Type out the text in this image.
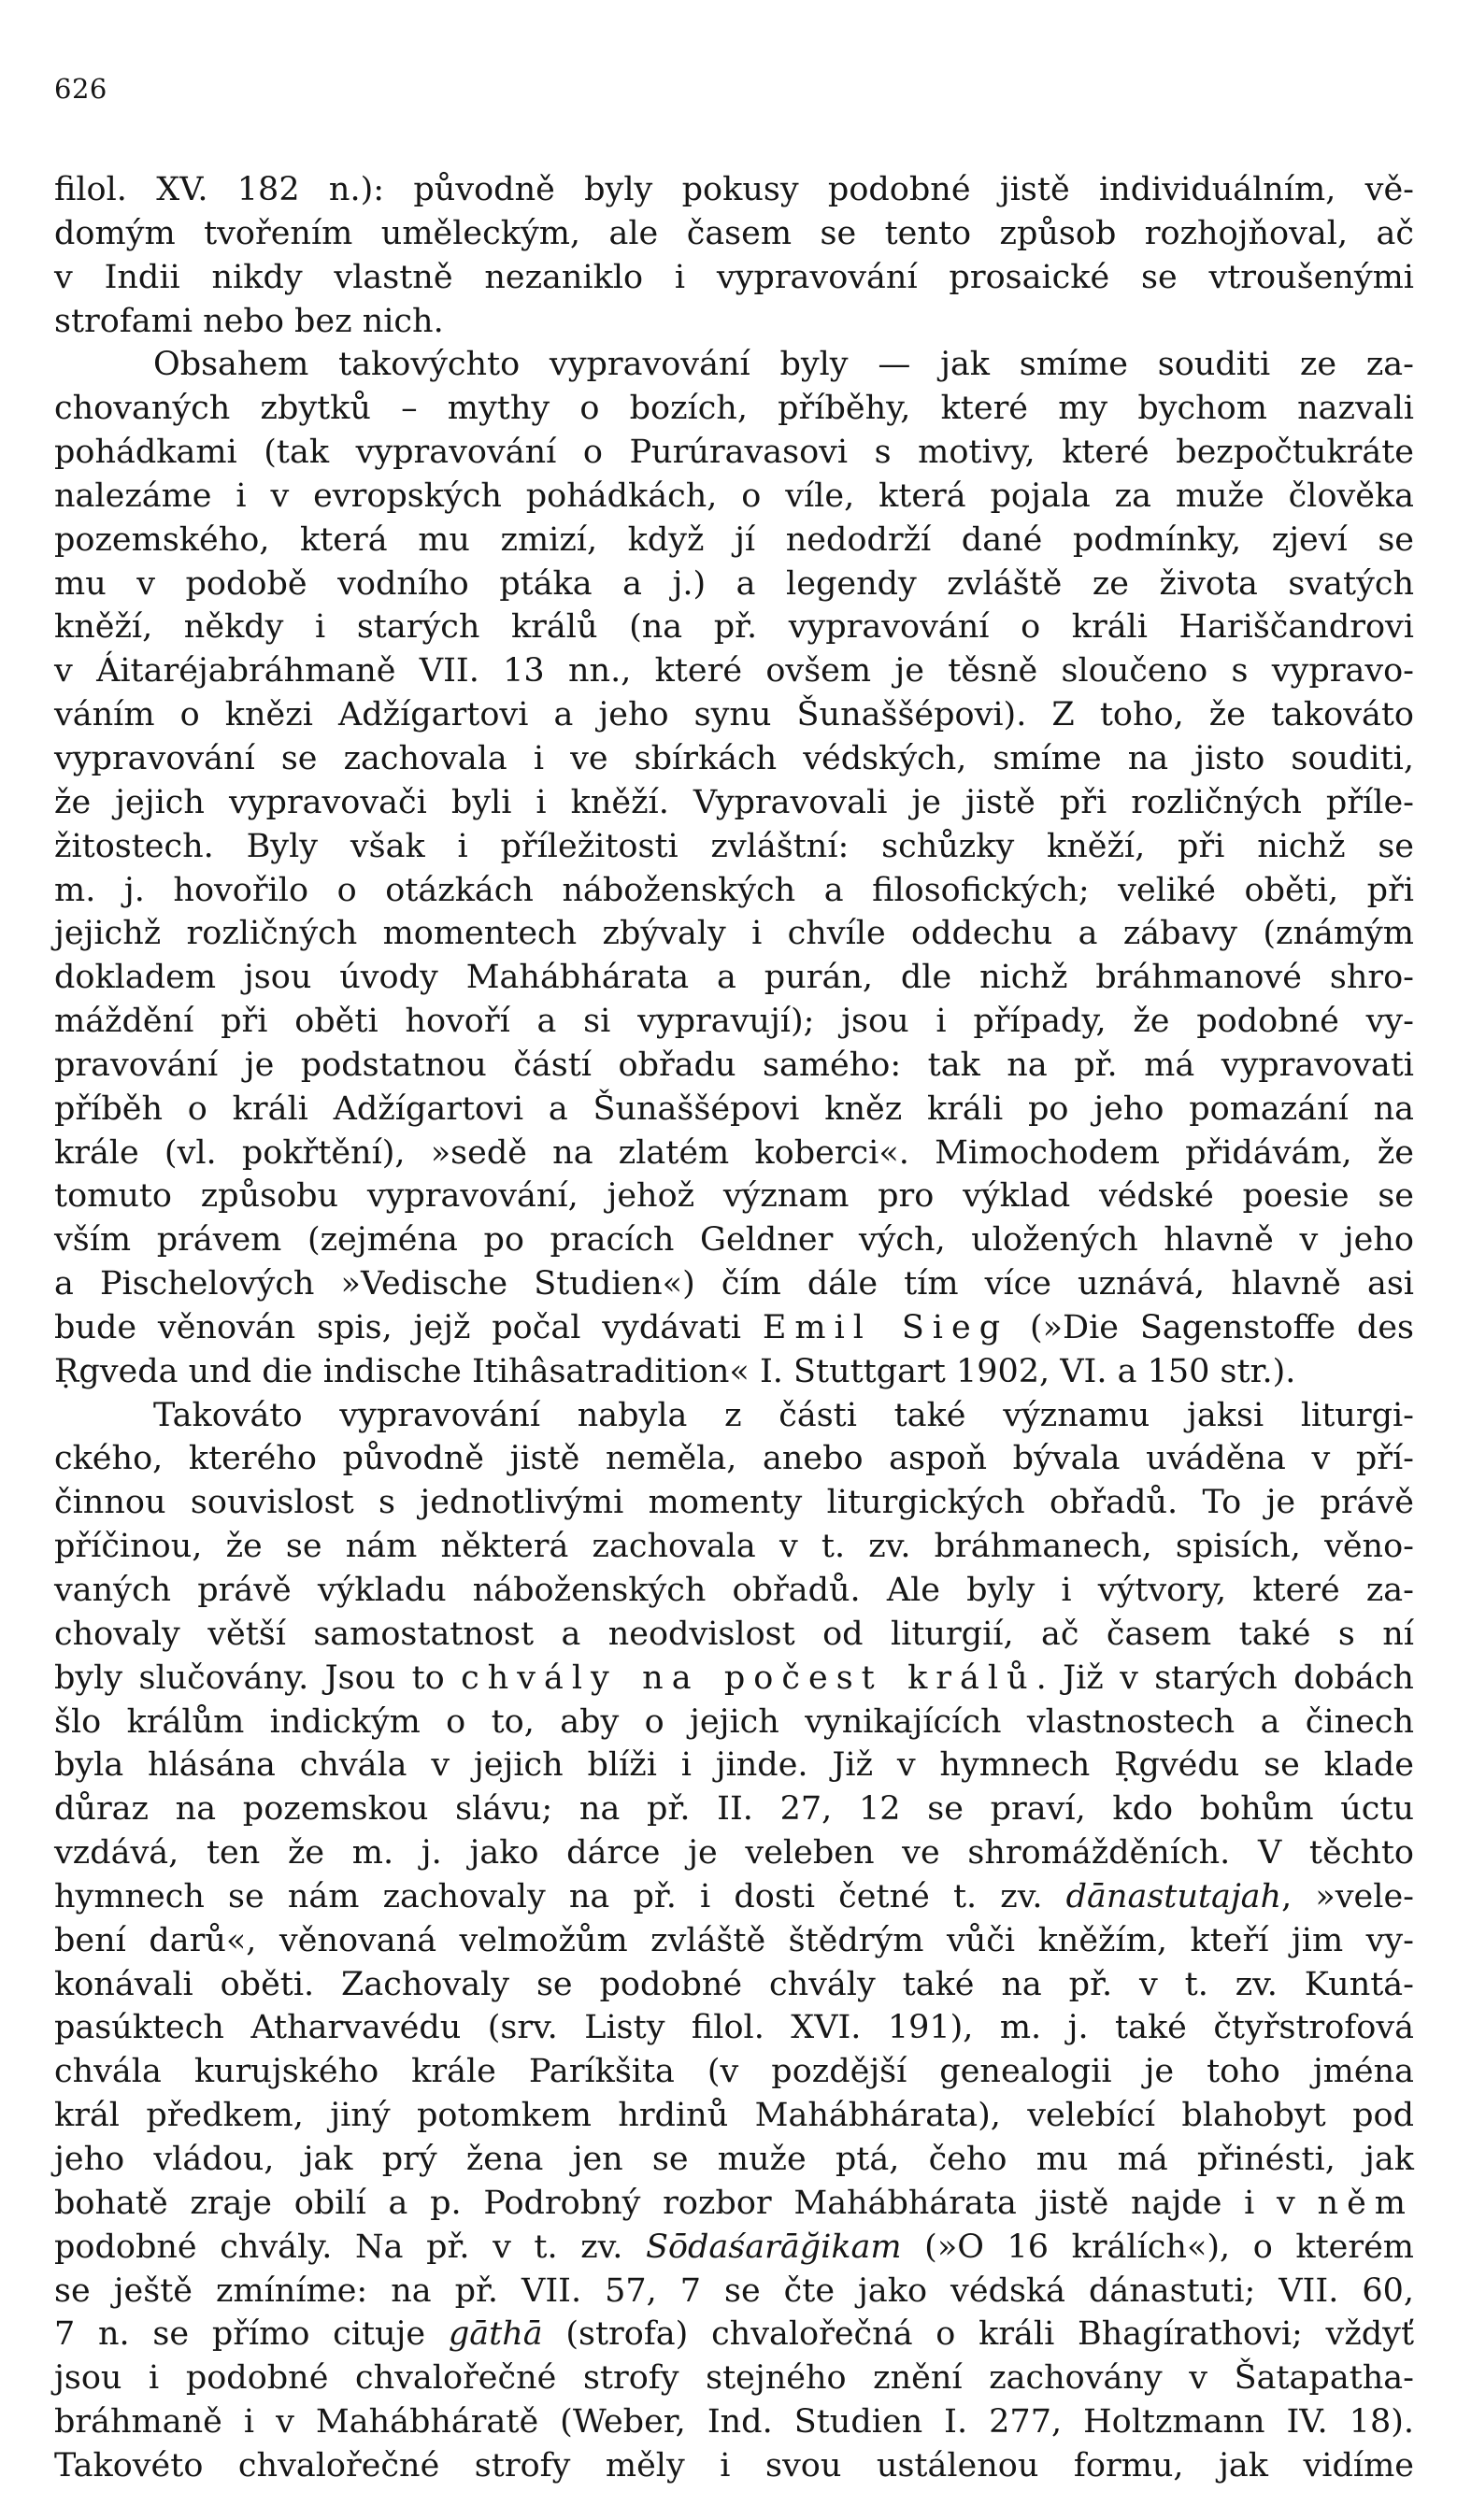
626
filol. XV. 182 n.): původně byly pokusy podobné jistě individuálním, vě-
domým tvořením uměleckým, ale časem se tento způsob rozhojňoval, ač
v Indii nikdy vlastně nezaniklo i vypravování prosaické se vtroušenými
strofami nebo bez nich.
Obsahem takovýchto vypravování byly — jak smíme souditi ze za-
chovaných zbytků – mythy o bozích, příběhy, které my bychom nazvali
pohádkami (tak vypravování o Purúravasovi s motivy, které bezpočtukráte
nalezáme i v evropských pohádkách, o víle, která pojala za muže člověka
pozemského, která mu zmizí, když jí nedodrží dané podmínky, zjeví se
mu v podobě vodního ptáka a j.) a legendy zvláště ze života svatých
kněží, někdy i starých králů (na př. vypravování o králi Hariščandrovi
v Áitaréjabráhmaně VII. 13 nn., které ovšem je těsně sloučeno s vypravo-
váním o knězi Adžígartovi a jeho synu Šunaššépovi). Z toho, že takováto
vypravování se zachovala i ve sbírkách védských, smíme na jisto souditi,
že jejich vypravovači byli i kněží. Vypravovali je jistě při rozličných příle-
žitostech. Byly však i příležitosti zvláštní: schůzky kněží, při nichž se
m. j. hovořilo o otázkách náboženských a filosofických; veliké oběti, při
jejichž rozličných momentech zbývaly i chvíle oddechu a zábavy (známým
dokladem jsou úvody Mahábhárata a purán, dle nichž bráhmanové shro-
máždění při oběti hovoří a si vypravují); jsou i případy, že podobné vy-
pravování je podstatnou částí obřadu samého: tak na př. má vypravovati
příběh o králi Adžígartovi a Šunaššépovi kněz králi po jeho pomazání na
krále (vl. pokřtění), »sedě na zlatém koberci«. Mimochodem přidávám, že
tomuto způsobu vypravování, jehož význam pro výklad védské poesie se
vším právem (zejména po pracích Geldner vých, uložených hlavně v jeho
a Pischelových »Vedische Studien«) čím dále tím více uznává, hlavně asi
bude věnován spis, jejž počal vydávati Emil Sieg (»Die Sagenstoffe des
Ṛgveda und die indische Itihâsatradition« I. Stuttgart 1902, VI. a 150 str.).
Takováto vypravování nabyla z části také významu jaksi liturgi-
ckého, kterého původně jistě neměla, anebo aspoň bývala uváděna v pří-
činnou souvislost s jednotlivými momenty liturgických obřadů. To je právě
příčinou, že se nám některá zachovala v t. zv. bráhmanech, spisích, věno-
vaných právě výkladu náboženských obřadů. Ale byly i výtvory, které za-
chovaly větší samostatnost a neodvislost od liturgií, ač časem také s ní
byly slučovány. Jsou to chvály na počest králů. Již v starých dobách
šlo králům indickým o to, aby o jejich vynikajících vlastnostech a činech
byla hlásána chvála v jejich blíži i jinde. Již v hymnech Ṛgvédu se klade
důraz na pozemskou slávu; na př. II. 27, 12 se praví, kdo bohům úctu
vzdává, ten že m. j. jako dárce je veleben ve shromážděních. V těchto
hymnech se nám zachovaly na př. i dosti četné t. zv. dānastutajah, »vele-
bení darů«, věnovaná velmožům zvláště štědrým vůči kněžím, kteří jim vy-
konávali oběti. Zachovaly se podobné chvály také na př. v t. zv. Kuntá-
pasúktech Atharvavédu (srv. Listy filol. XVI. 191), m. j. také čtyřstrofová
chvála kurujského krále Paríkšita (v pozdější genealogii je toho jména
král předkem, jiný potomkem hrdinů Mahábhárata), velebící blahobyt pod
jeho vládou, jak prý žena jen se muže ptá, čeho mu má přinésti, jak
bohatě zraje obilí a p. Podrobný rozbor Mahábhárata jistě najde i v něm
podobné chvály. Na př. v t. zv. Sōdaśarāğikam (»O 16 králích«), o kterém
se ještě zmíníme: na př. VII. 57, 7 se čte jako védská dánastuti; VII. 60,
7 n. se přímo cituje gāthā (strofa) chvalořečná o králi Bhagírathovi; vždyť
jsou i podobné chvalořečné strofy stejného znění zachovány v Šatapatha-
bráhmaně i v Mahábháratě (Weber, Ind. Studien I. 277, Holtzmann IV. 18).
Takovéto chvalořečné strofy měly i svou ustálenou formu, jak vidíme
